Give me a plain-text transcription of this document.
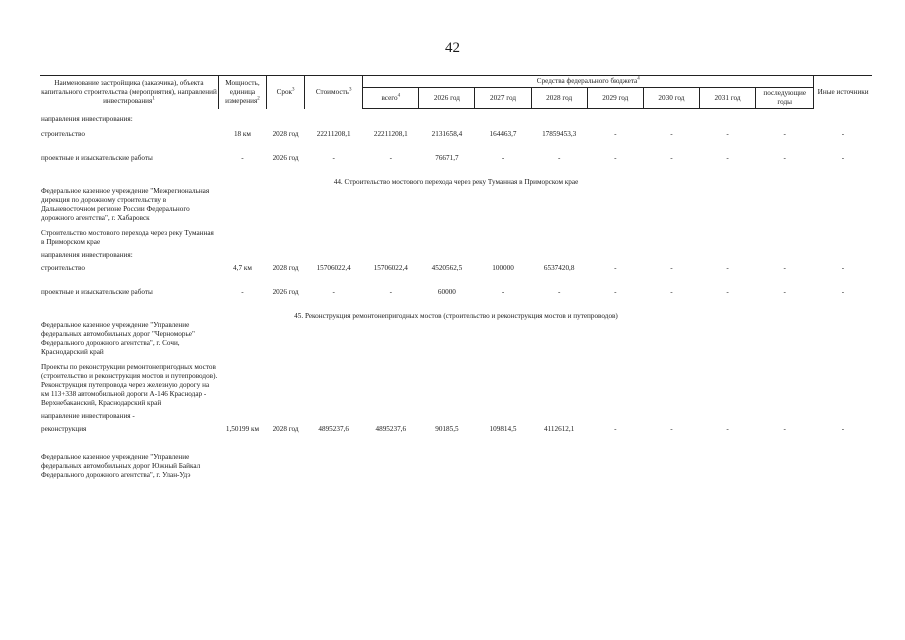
42
Наименование застройщика (заказчика), объекта капитального строительства (мероприятия), направлений инвестирования$^1$	Мощность, единица измерения$^2$	Срок$^3$	Стоимость$^3$	Средства федерального бюджета$^4$								Иные источники
				всего$^4$	2026 год	2027 год	2028 год	2029 год	2030 год	2031 год	последующие годы	

направления инвестирования:												
строительство	18 км	2028 год	22211208,1	22211208,1	2131658,4	164463,7	17859453,3	-	-	-	-	-
проектные и изыскательские работы	-	2026 год	-	-	76671,7	-	-	-	-	-	-	-
44. Строительство мостового перехода через реку Туманная в Приморском крае												
Федеральное казенное учреждение "Межрегиональная дирекция по дорожному строительству в Дальневосточном регионе России Федерального дорожного агентства", г. Хабаровск												
Строительство мостового перехода через реку Туманная в Приморском крае												
направления инвестирования:												
строительство	4,7 км	2028 год	15706022,4	15706022,4	4520562,5	100000	6537420,8	-	-	-	-	-
проектные и изыскательские работы	-	2026 год	-	-	60000	-	-	-	-	-	-	-
45. Реконструкция ремонтонепригодных мостов (строительство и реконструкция мостов и путепроводов)												
Федеральное казенное учреждение "Управление федеральных автомобильных дорог "Черноморье" Федерального дорожного агентства", г. Сочи, Краснодарский край												
Проекты по реконструкции ремонтонепригодных мостов (строительство и реконструкция мостов и путепроводов). Реконструкция путепровода через железную дорогу на км 113+338 автомобильной дороги А-146 Краснодар - Верхнебаканский, Краснодарский край												
направление инвестирования -												
реконструкция	1,50199 км	2028 год	4895237,6	4895237,6	90185,5	109814,5	4112612,1	-	-	-	-	-
Федеральное казенное учреждение "Управление федеральных автомобильных дорог Южный Байкал Федерального дорожного агентства", г. Улан-Удэ												
